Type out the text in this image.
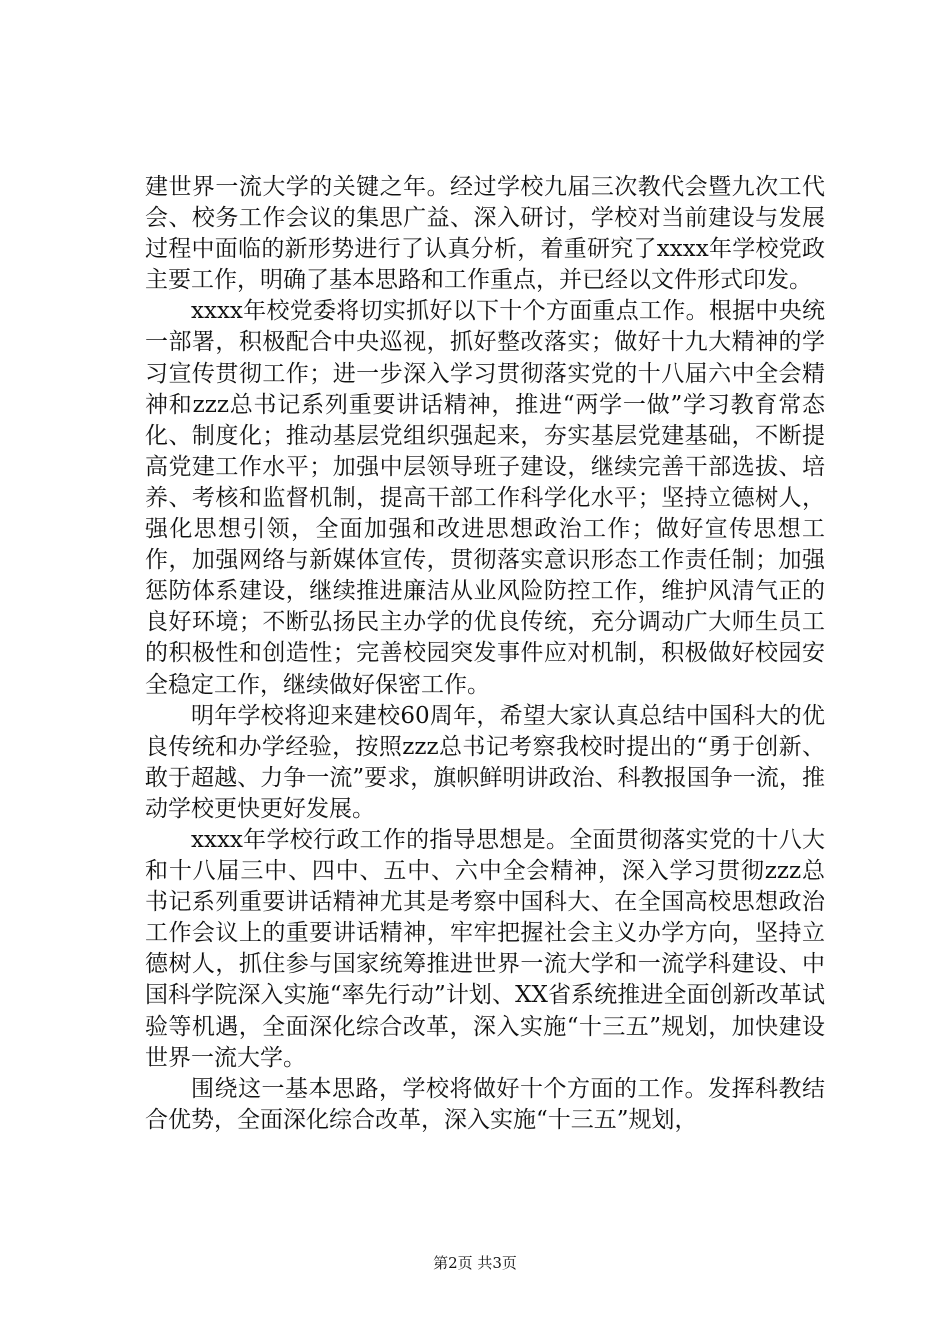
建世界一流大学的关键之年。经过学校九届三次教代会暨九次工代会、校务工作会议的集思广益、深入研讨，学校对当前建设与发展过程中面临的新形势进行了认真分析，着重研究了xxxx年学校党政主要工作，明确了基本思路和工作重点，并已经以文件形式印发。

xxxx年校党委将切实抓好以下十个方面重点工作。根据中央统一部署，积极配合中央巡视，抓好整改落实；做好十九大精神的学习宣传贯彻工作；进一步深入学习贯彻落实党的十八届六中全会精神和zzz总书记系列重要讲话精神，推进“两学一做”学习教育常态化、制度化；推动基层党组织强起来，夯实基层党建基础，不断提高党建工作水平；加强中层领导班子建设，继续完善干部选拔、培养、考核和监督机制，提高干部工作科学化水平；坚持立德树人，强化思想引领，全面加强和改进思想政治工作；做好宣传思想工作，加强网络与新媒体宣传，贯彻落实意识形态工作责任制；加强惩防体系建设，继续推进廉洁从业风险防控工作，维护风清气正的良好环境；不断弘扬民主办学的优良传统，充分调动广大师生员工的积极性和创造性；完善校园突发事件应对机制，积极做好校园安全稳定工作，继续做好保密工作。

明年学校将迎来建校60周年，希望大家认真总结中国科大的优良传统和办学经验，按照zzz总书记考察我校时提出的“勇于创新、敢于超越、力争一流”要求，旗帜鲜明讲政治、科教报国争一流，推动学校更快更好发展。

xxxx年学校行政工作的指导思想是。全面贯彻落实党的十八大和十八届三中、四中、五中、六中全会精神，深入学习贯彻zzz总书记系列重要讲话精神尤其是考察中国科大、在全国高校思想政治工作会议上的重要讲话精神，牢牢把握社会主义办学方向，坚持立德树人，抓住参与国家统筹推进世界一流大学和一流学科建设、中国科学院深入实施“率先行动”计划、XX省系统推进全面创新改革试验等机遇，全面深化综合改革，深入实施“十三五”规划，加快建设世界一流大学。

围绕这一基本思路，学校将做好十个方面的工作。发挥科教结合优势，全面深化综合改革，深入实施“十三五”规划，

第2页 共3页
